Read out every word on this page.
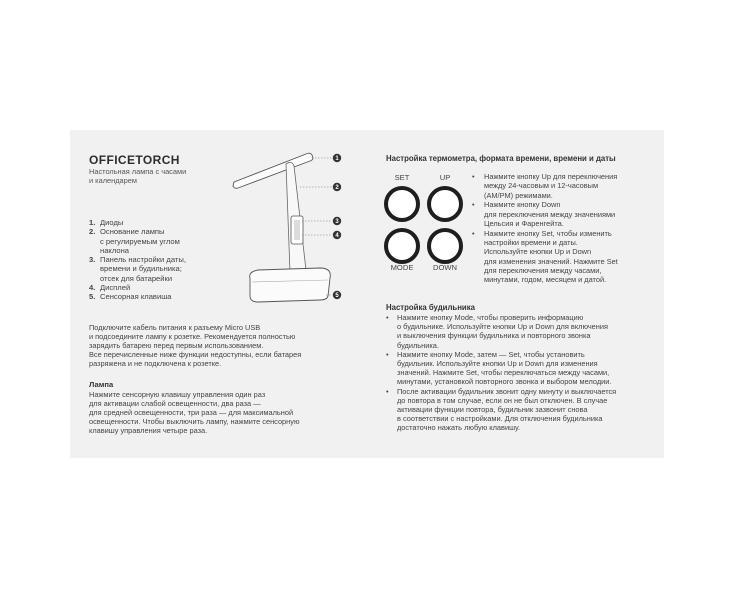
OFFICETORCH
Настольная лампа с часами
и календарем
1
2
3
4
5
1. Диоды
2. Основание лампы
с регулируемым углом
наклона
3. Панель настройки даты,
времени и будильника;
отсек для батарейки
4. Дисплей
5. Сенсорная клавиша
Подключите кабель питания к разъему Micro USB
и подсоедините лампу к розетке. Рекомендуется полностью
зарядить батарею перед первым использованием.
Все перечисленные ниже функции недоступны, если батарея
разряжена и не подключена к розетке.
Лампа
Нажмите сенсорную клавишу управления один раз
для активации слабой освещенности, два раза —
для средней освещенности, три раза — для максимальной
освещенности. Чтобы выключить лампу, нажмите сенсорную
клавишу управления четыре раза.
Настройка термометра, формата времени, времени и даты
SET	UP
MODE	DOWN
•	Нажмите кнопку Up для переключения
между 24-часовым и 12-часовым
(AM/PM) режимами.
•	Нажмите кнопку Down
для переключения между значениями
Цельсия и Фаренгейта.
•	Нажмите кнопку Set, чтобы изменить
настройки времени и даты.
Используйте кнопки Up и Down
для изменения значений. Нажмите Set
для переключения между часами,
минутами, годом, месяцем и датой.
Настройка будильника
•	Нажмите кнопку Mode, чтобы проверить информацию
о будильнике. Используйте кнопки Up и Down для включения
и выключения функции будильника и повторного звонка
будильника.
•	Нажмите кнопку Mode, затем — Set, чтобы установить
будильник. Используйте кнопки Up и Down для изменения
значений. Нажмите Set, чтобы переключаться между часами,
минутами, установкой повторного звонка и выбором мелодии.
•	После активации будильник звонит одну минуту и выключается
до повтора в том случае, если он не был отключен. В случае
активации функции повтора, будильник зазвонит снова
в соответствии с настройками. Для отключения будильника
достаточно нажать любую клавишу.
